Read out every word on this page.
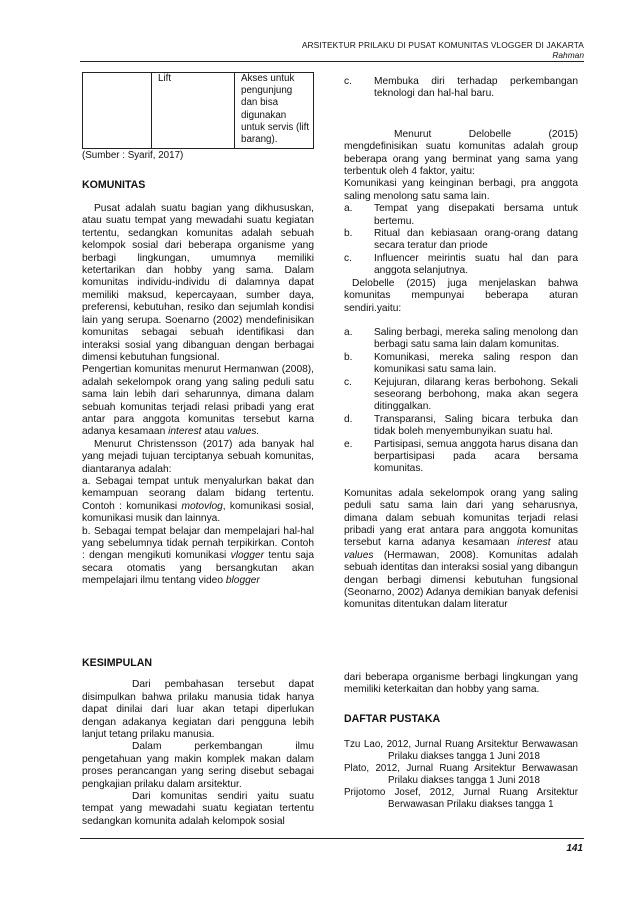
ARSITEKTUR PRILAKU DI PUSAT KOMUNITAS VLOGGER DI JAKARTA
Rahman
	Lift	Akses untuk pengunjung dan bisa digunakan untuk servis (lift barang).
(Sumber : Syarif, 2017)

KOMUNITAS

Pusat adalah suatu bagian yang dikhususkan, atau suatu tempat yang mewadahi suatu kegiatan tertentu, sedangkan komunitas adalah sebuah kelompok sosial dari beberapa organisme yang berbagi lingkungan, umumnya memiliki ketertarikan dan hobby yang sama. Dalam komunitas individu-individu di dalamnya dapat memiliki maksud, kepercayaan, sumber daya, preferensi, kebutuhan, resiko dan sejumlah kondisi lain yang serupa. Soenarno (2002) mendefinisikan komunitas sebagai sebuah identifikasi dan interaksi sosial yang dibanguan dengan berbagai dimensi kebutuhan fungsional.

Pengertian komunitas menurut Hermanwan (2008), adalah sekelompok orang yang saling peduli satu sama lain lebih dari seharunnya, dimana dalam sebuah komunitas terjadi relasi pribadi yang erat antar para anggota komunitas tersebut karna adanya kesamaan interest atau values.

Menurut Christensson (2017) ada banyak hal yang mejadi tujuan terciptanya sebuah komunitas, diantaranya adalah:

a. Sebagai tempat untuk menyalurkan bakat dan kemampuan seorang dalam bidang tertentu. Contoh : komunikasi motovlog, komunikasi sosial, komunikasi musik dan lainnya.

b. Sebagai tempat belajar dan mempelajari hal-hal yang sebelumnya tidak pernah terpikirkan. Contoh : dengan mengikuti komunikasi vlogger tentu saja secara otomatis yang bersangkutan akan mempelajari ilmu tentang video blogger

c. Membuka diri terhadap perkembangan teknologi dan hal-hal baru.

Menurut Delobelle (2015) mengdefinisikan suatu komunitas adalah group beberapa orang yang berminat yang sama yang terbentuk oleh 4 faktor, yaitu:

Komunikasi yang keinginan berbagi, pra anggota saling menolong satu sama lain.

a. Tempat yang disepakati bersama untuk bertemu.
b. Ritual dan kebiasaan orang-orang datang secara teratur dan priode
c. Influencer meirintis suatu hal dan para anggota selanjutnya.

Delobelle (2015) juga menjelaskan bahwa komunitas mempunyai beberapa aturan sendiri.yaitu:

a. Saling berbagi, mereka saling menolong dan berbagi satu sama lain dalam komunitas.
b. Komunikasi, mereka saling respon dan komunikasi satu sama lain.
c. Kejujuran, dilarang keras berbohong. Sekali seseorang berbohong, maka akan segera ditinggalkan.
d. Transparansi, Saling bicara terbuka dan tidak boleh menyembunyikan suatu hal.
e. Partisipasi, semua anggota harus disana dan berpartisipasi pada acara bersama komunitas.

Komunitas adala sekelompok orang yang saling peduli satu sama lain dari yang seharusnya, dimana dalam sebuah komunitas terjadi relasi pribadi yang erat antara para anggota komunitas tersebut karna adanya kesamaan interest atau values (Hermawan, 2008). Komunitas adalah sebuah identitas dan interaksi sosial yang dibangun dengan berbagi dimensi kebutuhan fungsional (Seonarno, 2002) Adanya demikian banyak defenisi komunitas ditentukan dalam literatur

KESIMPULAN

Dari pembahasan tersebut dapat disimpulkan bahwa prilaku manusia tidak hanya dapat dinilai dari luar akan tetapi diperlukan dengan adakanya kegiatan dari pengguna lebih lanjut tetang prilaku manusia.

Dalam perkembangan ilmu pengetahuan yang makin komplek makan dalam proses perancangan yang sering disebut sebagai pengkajian prilaku dalam arsitektur.

Dari komunitas sendiri yaitu suatu tempat yang mewadahi suatu kegiatan tertentu sedangkan komunita adalah kelompok sosial

dari beberapa organisme berbagi lingkungan yang memiliki keterkaitan dan hobby yang sama.

DAFTAR PUSTAKA

Tzu Lao, 2012, Jurnal Ruang Arsitektur Berwawasan Prilaku diakses tangga 1 Juni 2018

Plato, 2012, Jurnal Ruang Arsitektur Berwawasan Prilaku diakses tangga 1 Juni 2018

Prijotomo Josef, 2012, Jurnal Ruang Arsitektur Berwawasan Prilaku diakses tangga 1

141
